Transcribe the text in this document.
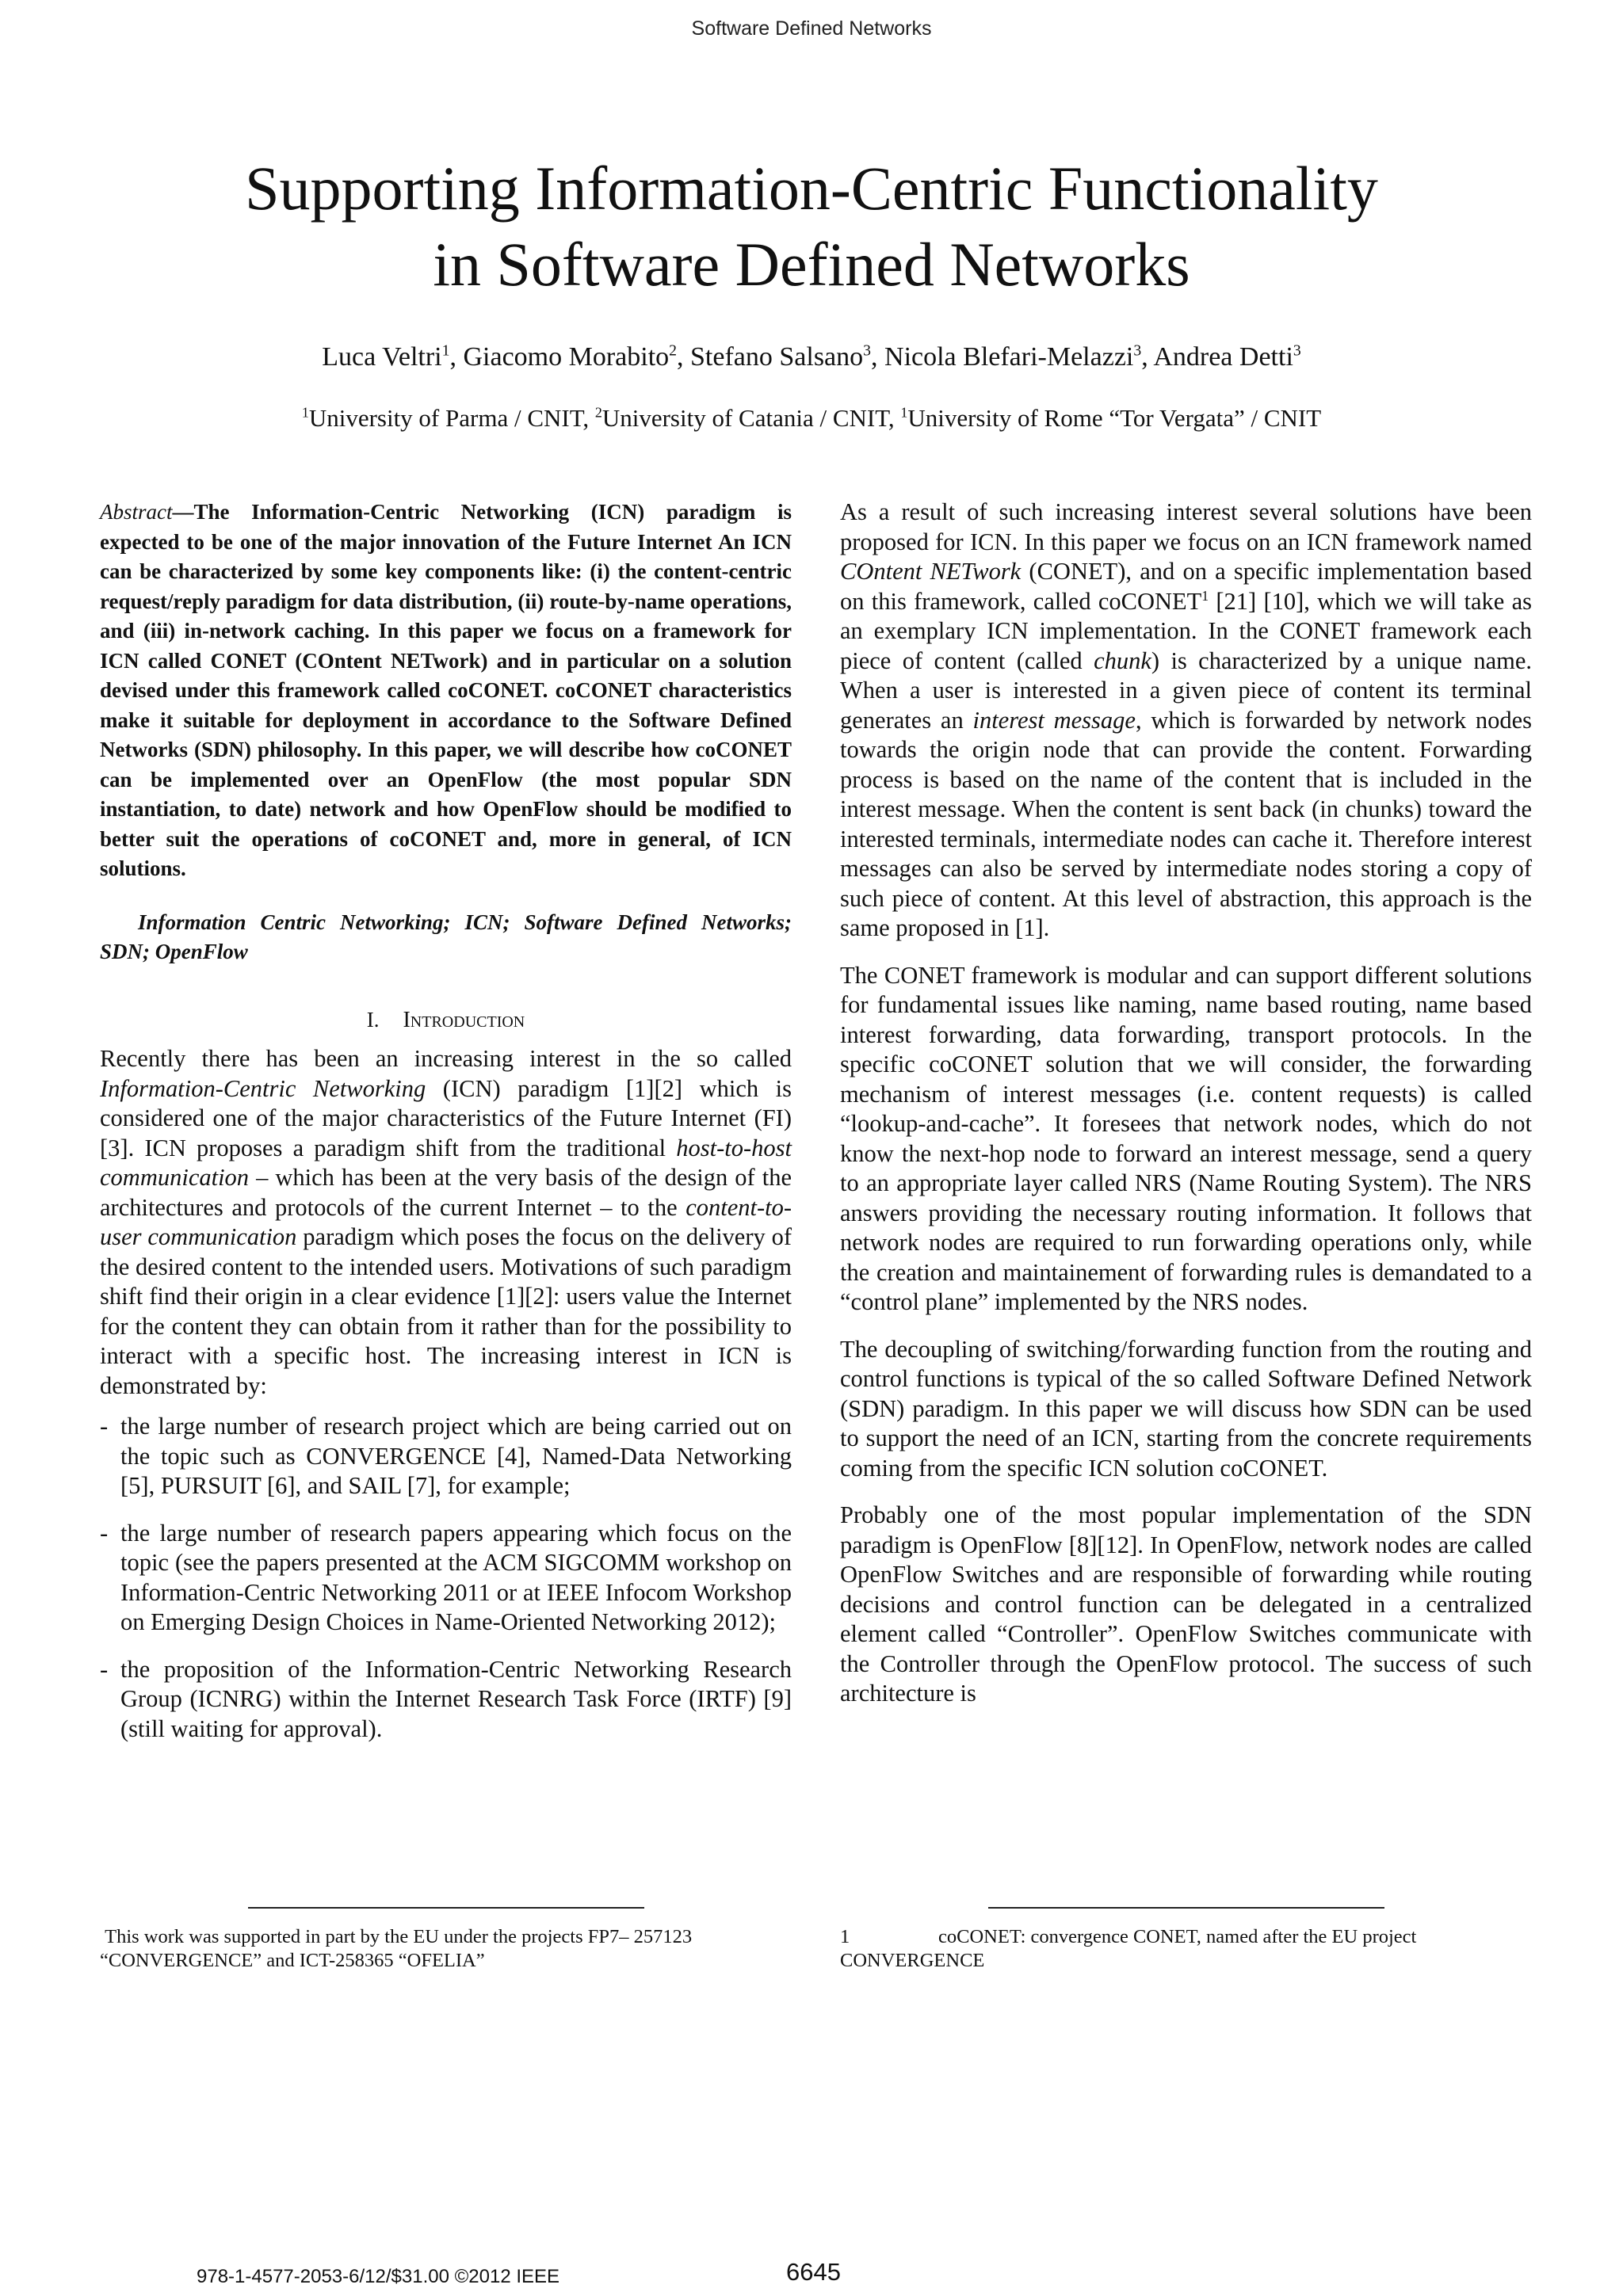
Software Defined Networks
Supporting Information-Centric Functionality
in Software Defined Networks
Luca Veltri$^1$, Giacomo Morabito$^2$, Stefano Salsano$^3$, Nicola Blefari-Melazzi$^3$, Andrea Detti$^3$
$^1$University of Parma / CNIT, $^2$University of Catania / CNIT, $^1$University of Rome “Tor Vergata” / CNIT

Abstract—The Information-Centric Networking (ICN) paradigm is expected to be one of the major innovation of the Future Internet An ICN can be characterized by some key components like: (i) the content-centric request/reply paradigm for data distribution, (ii) route-by-name operations, and (iii) in-network caching. In this paper we focus on a framework for ICN called CONET (COntent NETwork) and in particular on a solution devised under this framework called coCONET. coCONET characteristics make it suitable for deployment in accordance to the Software Defined Networks (SDN) philosophy. In this paper, we will describe how coCONET can be implemented over an OpenFlow (the most popular SDN instantiation, to date) network and how OpenFlow should be modified to better suit the operations of coCONET and, more in general, of ICN solutions.

Information Centric Networking; ICN; Software Defined Networks; SDN; OpenFlow

I. Introduction

Recently there has been an increasing interest in the so called Information-Centric Networking (ICN) paradigm [1][2] which is considered one of the major characteristics of the Future Internet (FI) [3]. ICN proposes a paradigm shift from the traditional host-to-host communication – which has been at the very basis of the design of the architectures and protocols of the current Internet – to the content-to-user communication paradigm which poses the focus on the delivery of the desired content to the intended users. Motivations of such paradigm shift find their origin in a clear evidence [1][2]: users value the Internet for the content they can obtain from it rather than for the possibility to interact with a specific host. The increasing interest in ICN is demonstrated by:

- the large number of research project which are being carried out on the topic such as CONVERGENCE [4], Named-Data Networking [5], PURSUIT [6], and SAIL [7], for example;
- the large number of research papers appearing which focus on the topic (see the papers presented at the ACM SIGCOMM workshop on Information-Centric Networking 2011 or at IEEE Infocom Workshop on Emerging Design Choices in Name-Oriented Networking 2012);
- the proposition of the Information-Centric Networking Research Group (ICNRG) within the Internet Research Task Force (IRTF) [9] (still waiting for approval).

As a result of such increasing interest several solutions have been proposed for ICN. In this paper we focus on an ICN framework named COntent NETwork (CONET), and on a specific implementation based on this framework, called coCONET$^1$ [21] [10], which we will take as an exemplary ICN implementation. In the CONET framework each piece of content (called chunk) is characterized by a unique name. When a user is interested in a given piece of content its terminal generates an interest message, which is forwarded by network nodes towards the origin node that can provide the content. Forwarding process is based on the name of the content that is included in the interest message. When the content is sent back (in chunks) toward the interested terminals, intermediate nodes can cache it. Therefore interest messages can also be served by intermediate nodes storing a copy of such piece of content. At this level of abstraction, this approach is the same proposed in [1].

The CONET framework is modular and can support different solutions for fundamental issues like naming, name based routing, name based interest forwarding, data forwarding, transport protocols. In the specific coCONET solution that we will consider, the forwarding mechanism of interest messages (i.e. content requests) is called “lookup-and-cache”. It foresees that network nodes, which do not know the next-hop node to forward an interest message, send a query to an appropriate layer called NRS (Name Routing System). The NRS answers providing the necessary routing information. It follows that network nodes are required to run forwarding operations only, while the creation and maintainement of forwarding rules is demandated to a “control plane” implemented by the NRS nodes.

The decoupling of switching/forwarding function from the routing and control functions is typical of the so called Software Defined Network (SDN) paradigm. In this paper we will discuss how SDN can be used to support the need of an ICN, starting from the concrete requirements coming from the specific ICN solution coCONET.

Probably one of the most popular implementation of the SDN paradigm is OpenFlow [8][12]. In OpenFlow, network nodes are called OpenFlow Switches and are responsible of forwarding while routing decisions and control function can be delegated in a centralized element called “Controller”. OpenFlow Switches communicate with the Controller through the OpenFlow protocol. The success of such architecture is

This work was supported in part by the EU under the projects FP7– 257123 “CONVERGENCE” and ICT-258365 “OFELIA”
1	coCONET: convergence CONET, named after the EU project CONVERGENCE
978-1-4577-2053-6/12/$31.00 ©2012 IEEE	6645
